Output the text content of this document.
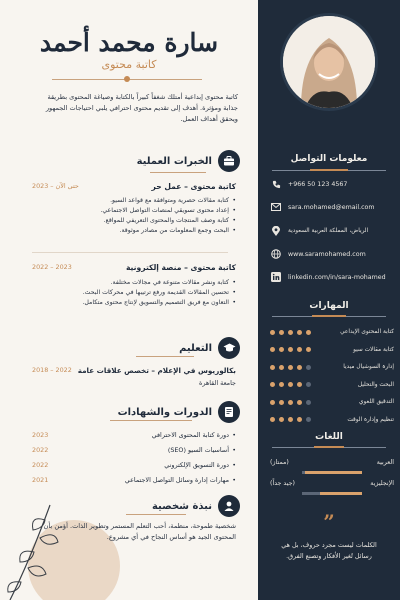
سارة محمد أحمد
كاتبة محتوى
كاتبة محتوى إبداعية أمتلك شغفاً كبيراً بالكتابة وصياغة المحتوى بطريقة جذابة ومؤثرة. أهدف إلى تقديم محتوى احترافي يلبي احتياجات الجمهور ويحقق أهداف العمل.
الخبرات العملية
كاتبة محتوى – عمل حر
2023 – حتى الآن
• كتابة مقالات حصرية ومتوافقة مع قواعد السيو.
• إعداد محتوى تسويقي لمنصات التواصل الاجتماعي.
• كتابة وصف المنتجات والمحتوى التعريفي للمواقع.
• البحث وجمع المعلومات من مصادر موثوقة.
كاتبة محتوى – منصة إلكترونية
2022 – 2023
• كتابة ونشر مقالات متنوعة في مجالات مختلفة.
• تحسين المقالات القديمة ورفع ترتيبها في محركات البحث.
• التعاون مع فريق التصميم والتسويق لإنتاج محتوى متكامل.
التعليم
بكالوريوس في الإعلام – تخصص علاقات عامة
2018 – 2022
جامعة القاهرة
الدورات والشهادات
• دورة كتابة المحتوى الاحترافي
2023
• أساسيات السيو (SEO)
2022
• دورة التسويق الإلكتروني
2022
• مهارات إدارة وسائل التواصل الاجتماعي
2021
نبذة شخصية
شخصية طموحة، منظمة، أحب التعلم المستمر وتطوير الذات. أؤمن بأن المحتوى الجيد هو أساس النجاح في أي مشروع.
معلومات التواصل
+966 50 123 4567
sara.mohamed@email.com
الرياض، المملكة العربية السعودية
www.saramohamed.com
linkedin.com/in/sara-mohamed
المهارات
كتابة المحتوى الإبداعي
كتابة مقالات سيو
إدارة السوشيال ميديا
البحث والتحليل
التدقيق اللغوي
تنظيم وإدارة الوقت
اللغات
العربية
(ممتاز)
الإنجليزية
(جيد جداً)
”
الكلمات ليست مجرد حروف، بل هي رسائل تُغير الأفكار وتصنع الفرق.
